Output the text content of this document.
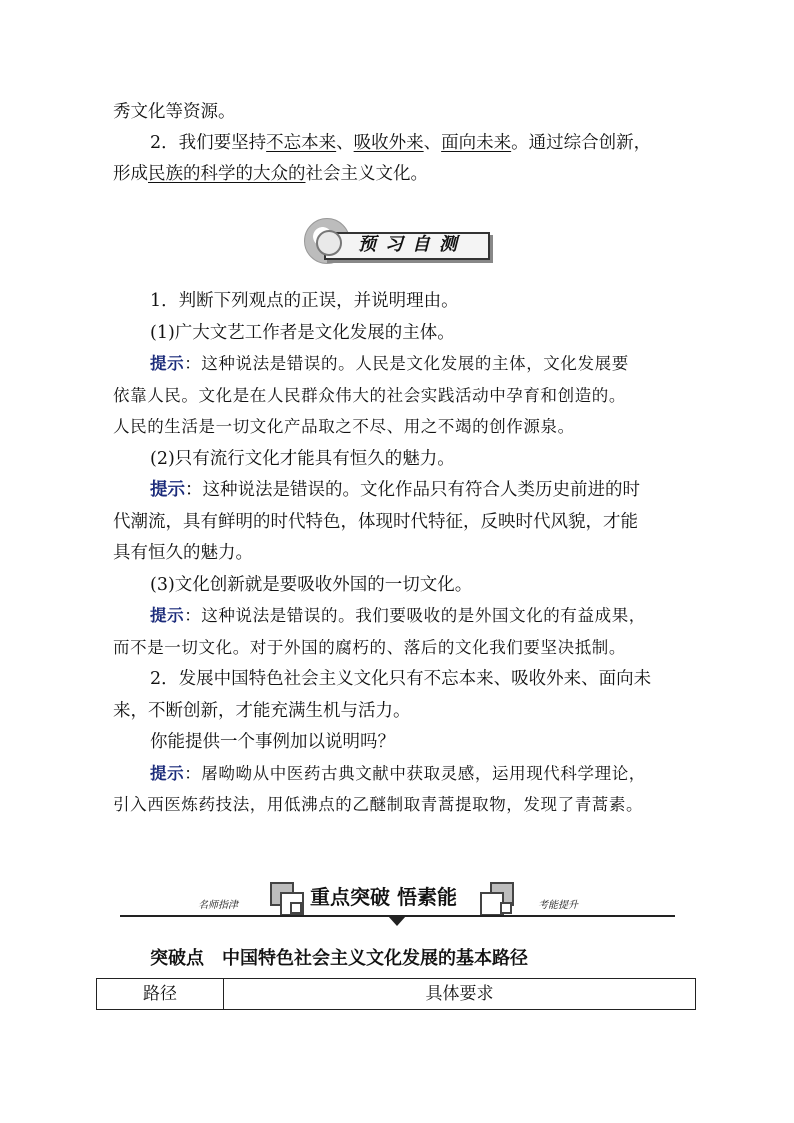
秀文化等资源。
2．我们要坚持不忘本来、吸收外来、面向未来。通过综合创新，
形成民族的科学的大众的社会主义文化。
预习自测
1．判断下列观点的正误，并说明理由。
(1)广大文艺工作者是文化发展的主体。
提示：这种说法是错误的。人民是文化发展的主体，文化发展要
依靠人民。文化是在人民群众伟大的社会实践活动中孕育和创造的。
人民的生活是一切文化产品取之不尽、用之不竭的创作源泉。
(2)只有流行文化才能具有恒久的魅力。
提示：这种说法是错误的。文化作品只有符合人类历史前进的时
代潮流，具有鲜明的时代特色，体现时代特征，反映时代风貌，才能
具有恒久的魅力。
(3)文化创新就是要吸收外国的一切文化。
提示：这种说法是错误的。我们要吸收的是外国文化的有益成果，
而不是一切文化。对于外国的腐朽的、落后的文化我们要坚决抵制。
2．发展中国特色社会主义文化只有不忘本来、吸收外来、面向未
来，不断创新，才能充满生机与活力。
你能提供一个事例加以说明吗？
提示：屠呦呦从中医药古典文献中获取灵感，运用现代科学理论，
引入西医炼药技法，用低沸点的乙醚制取青蒿提取物，发现了青蒿素。
重点突破 悟素能
名师指津	考能提升
突破点　中国特色社会主义文化发展的基本路径
路径	具体要求
